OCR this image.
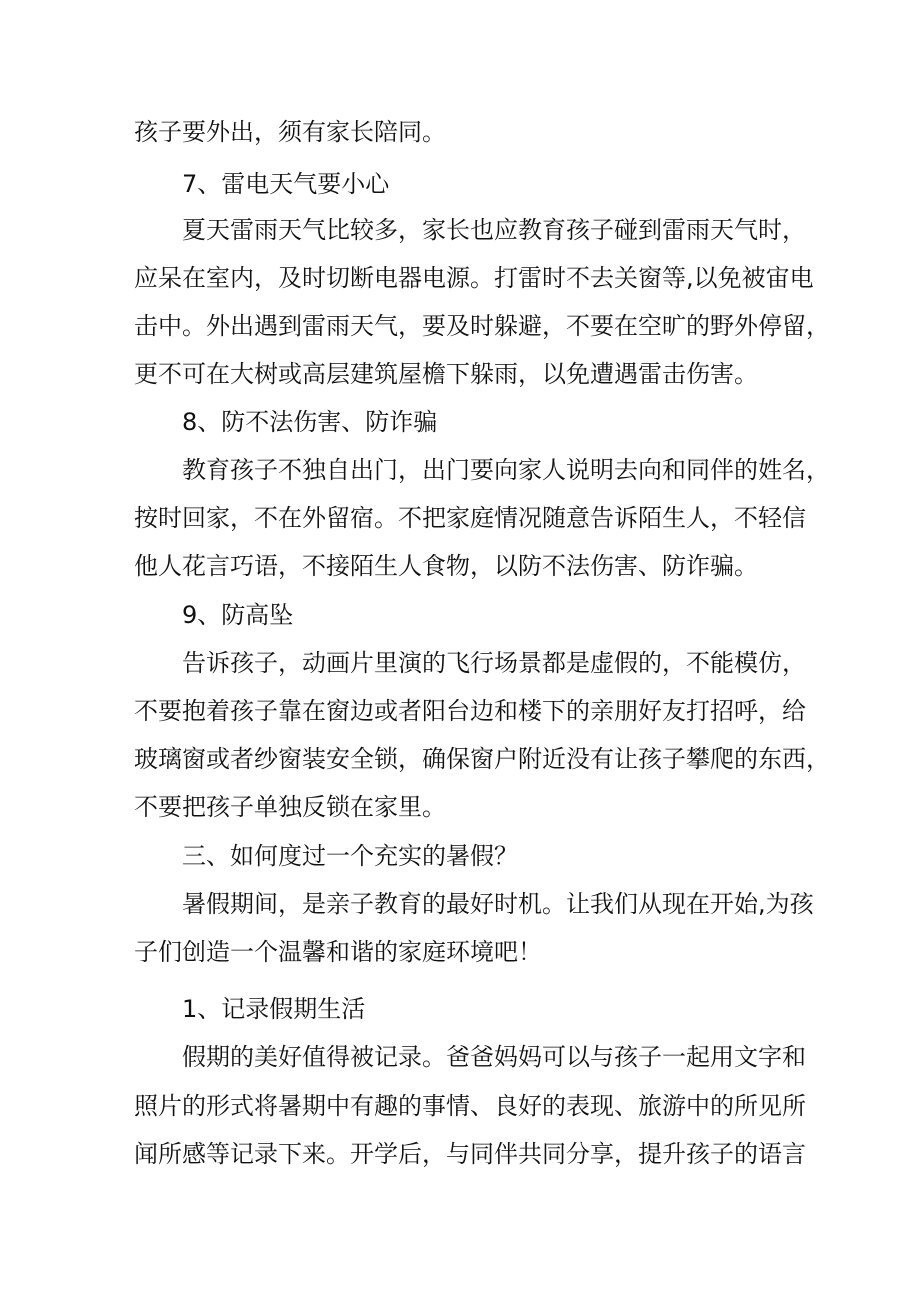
孩子要外出，须有家长陪同。
7、雷电天气要小心
夏天雷雨天气比较多，家长也应教育孩子碰到雷雨天气时，
应呆在室内，及时切断电器电源。打雷时不去关窗等,以免被宙电
击中。外出遇到雷雨天气，要及时躲避，不要在空旷的野外停留，
更不可在大树或高层建筑屋檐下躲雨，以免遭遇雷击伤害。
8、防不法伤害、防诈骗
教育孩子不独自出门，出门要向家人说明去向和同伴的姓名，
按时回家，不在外留宿。不把家庭情况随意告诉陌生人，不轻信
他人花言巧语，不接陌生人食物，以防不法伤害、防诈骗。
9、防高坠
告诉孩子，动画片里演的飞行场景都是虚假的，不能模仿，
不要抱着孩子靠在窗边或者阳台边和楼下的亲朋好友打招呼，给
玻璃窗或者纱窗装安全锁，确保窗户附近没有让孩子攀爬的东西，
不要把孩子单独反锁在家里。
三、如何度过一个充实的暑假？
暑假期间，是亲子教育的最好时机。让我们从现在开始,为孩
子们创造一个温馨和谐的家庭环境吧！
1、记录假期生活
假期的美好值得被记录。爸爸妈妈可以与孩子一起用文字和
照片的形式将暑期中有趣的事情、良好的表现、旅游中的所见所
闻所感等记录下来。开学后，与同伴共同分享，提升孩子的语言
